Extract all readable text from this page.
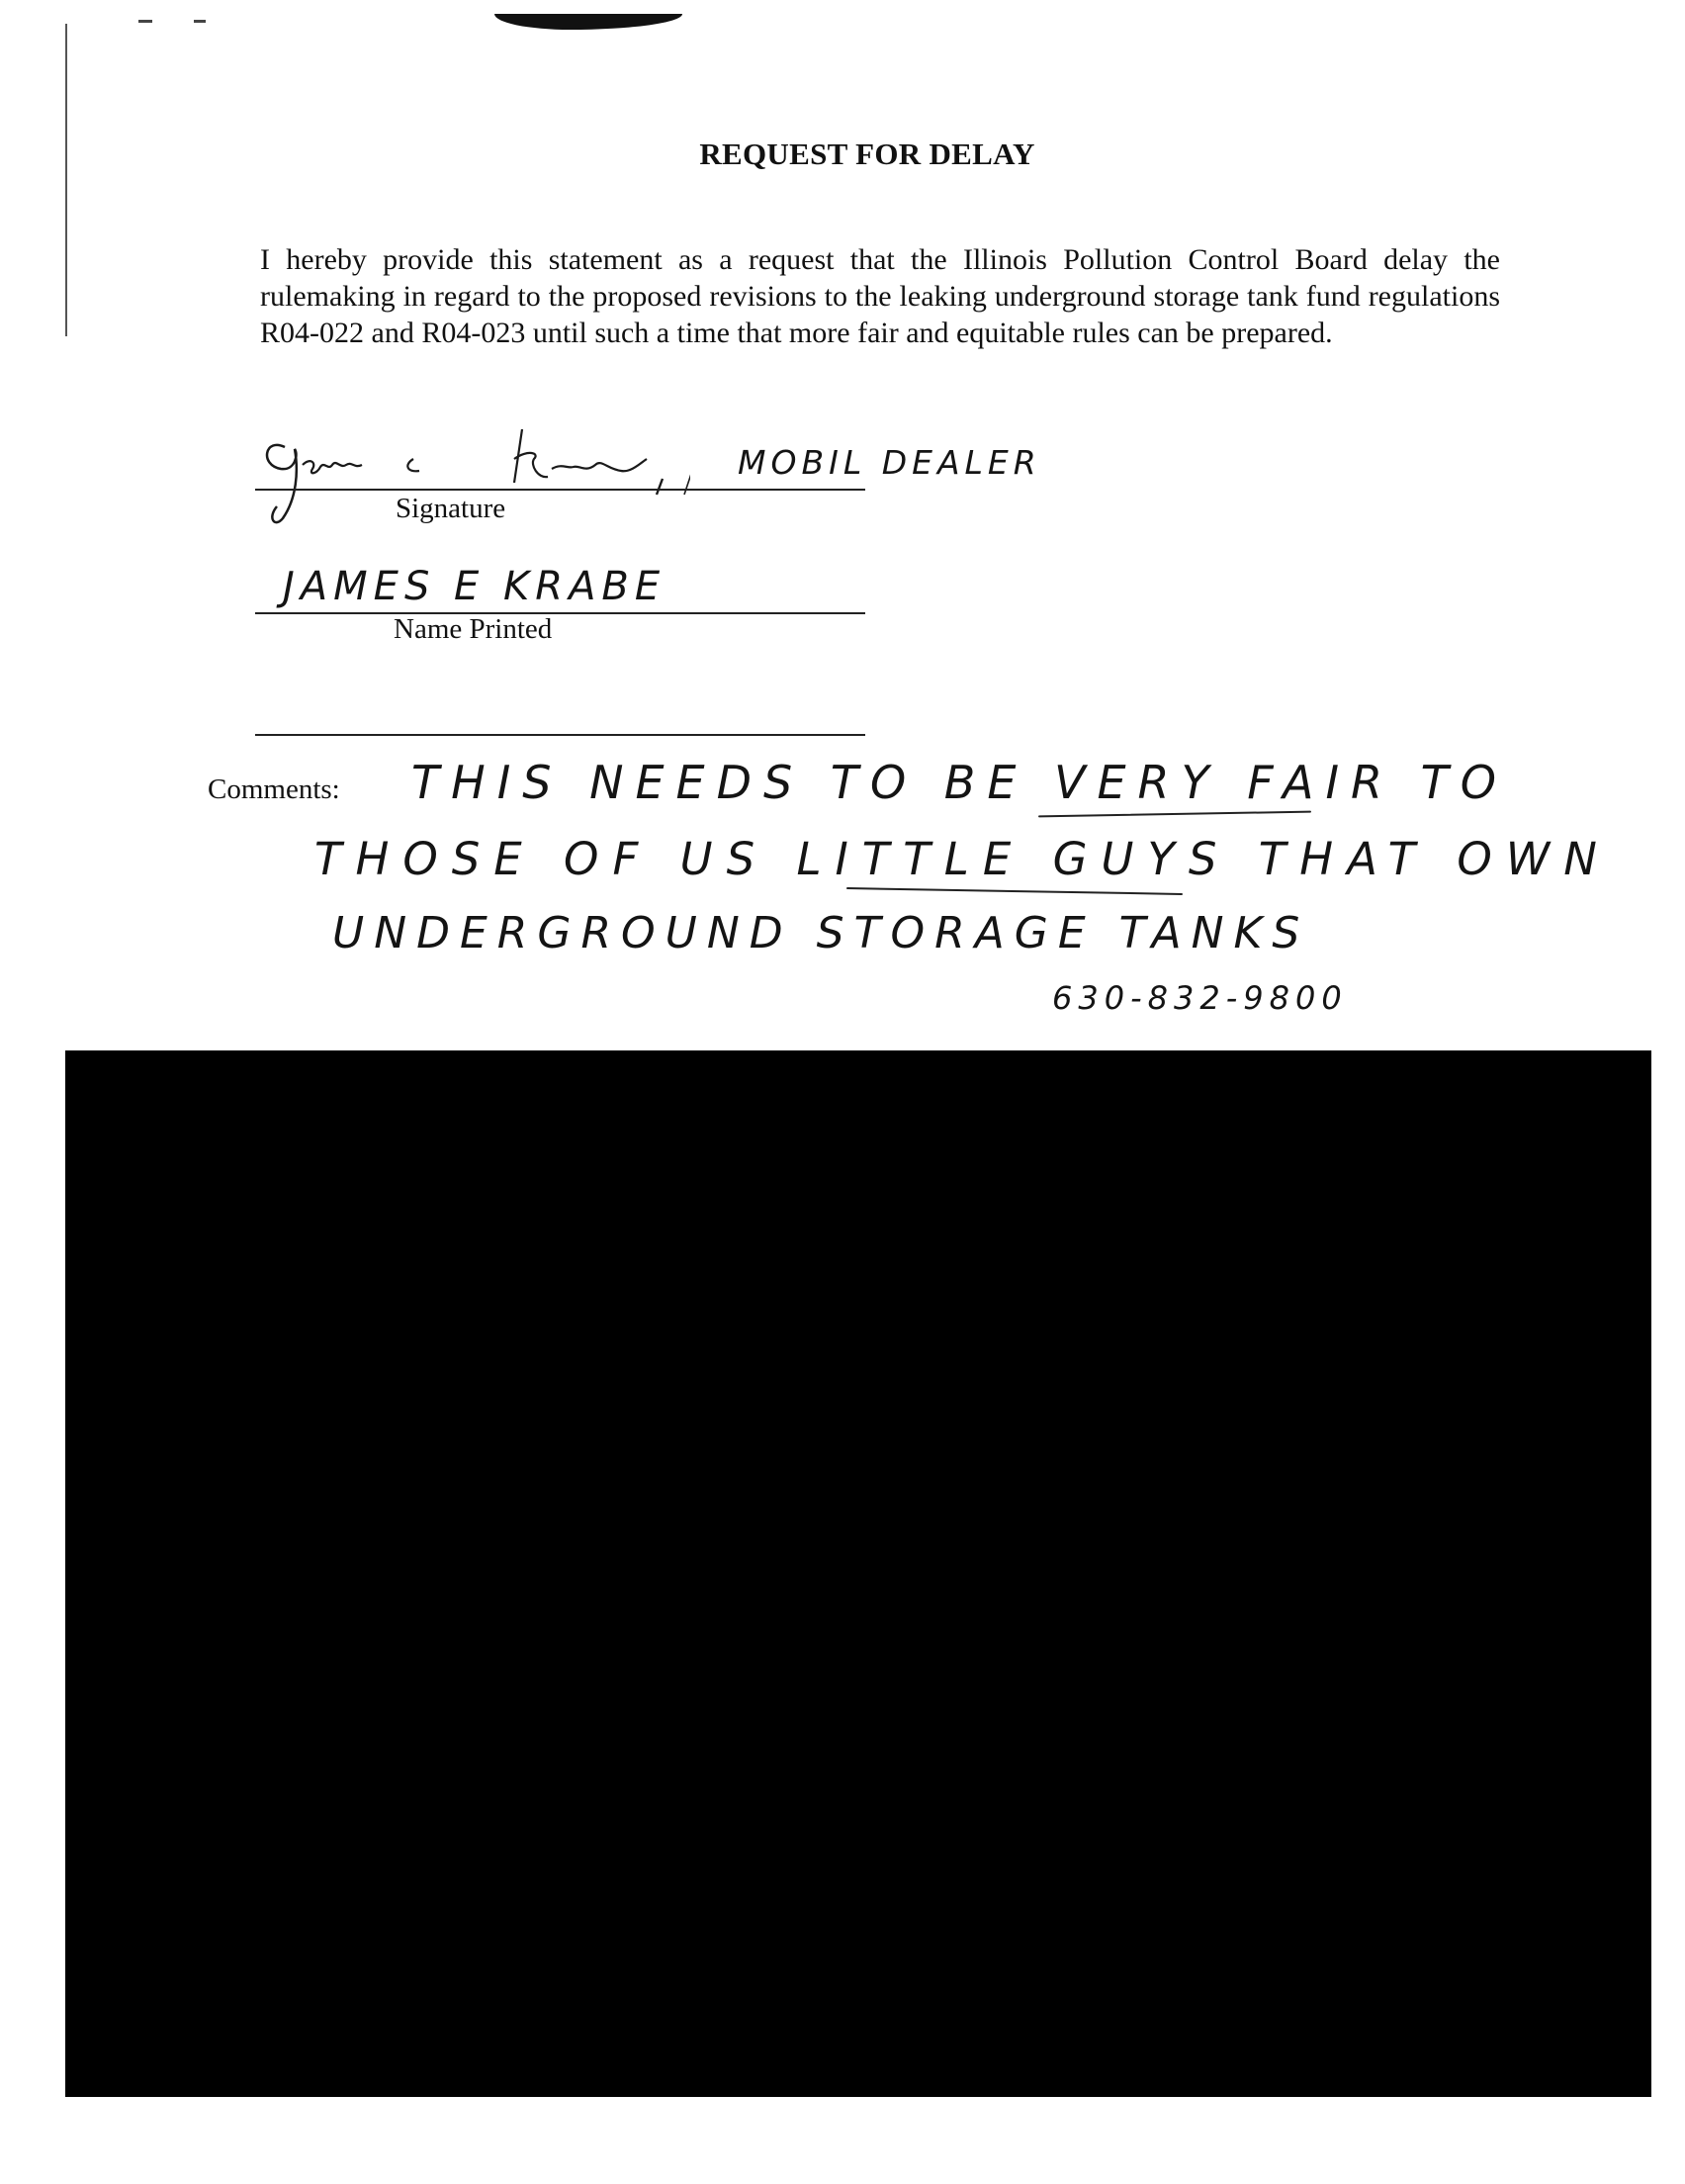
REQUEST FOR DELAY

I hereby provide this statement as a request that the Illinois Pollution Control Board delay the rulemaking in regard to the proposed revisions to the leaking underground storage tank fund regulations R04-022 and R04-023 until such a time that more fair and equitable rules can be prepared.

MOBIL DEALER
Signature
JAMES E KRABE
Name Printed
Comments: THIS NEEDS TO BE VERY FAIR TO
THOSE OF US LITTLE GUYS THAT OWN
UNDERGROUND STORAGE TANKS
630-832-9800
